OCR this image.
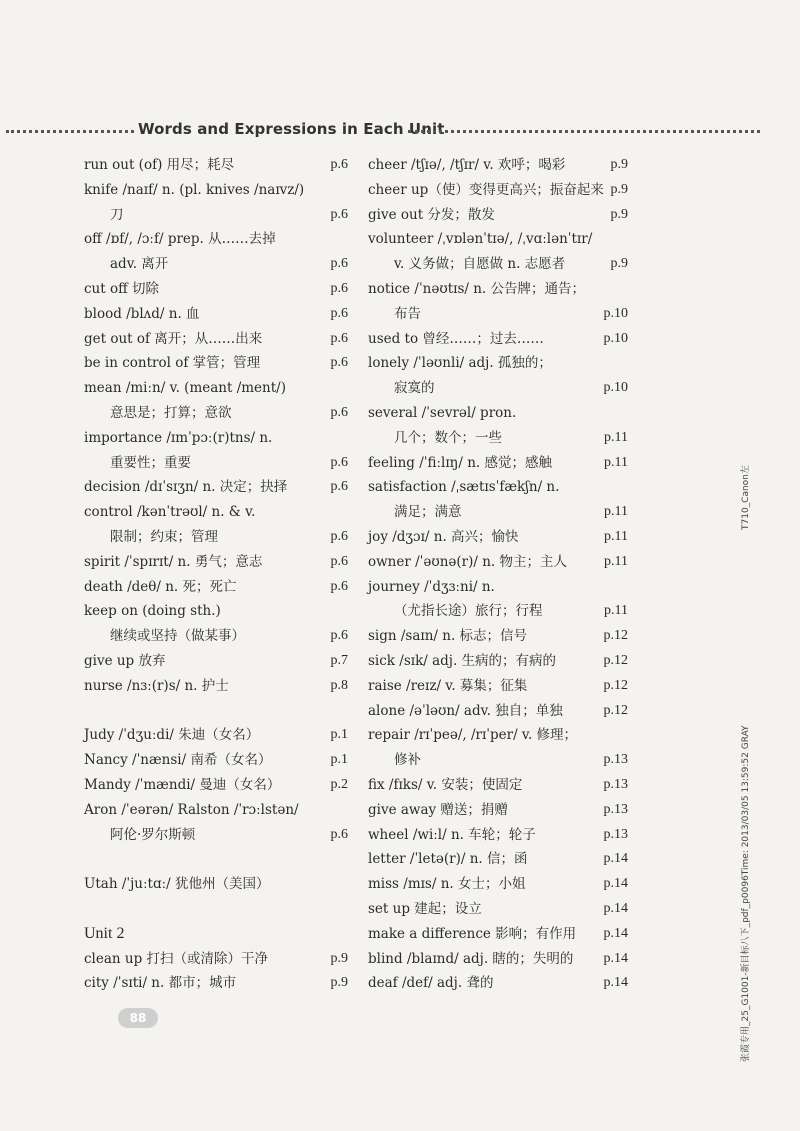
Words and Expressions in Each Unit
run out (of) 用尽；耗尽	p.6
knife /naɪf/ n. (pl. knives /naɪvz/)
刀	p.6
off /ɒf/, /ɔːf/ prep. 从……去掉
adv. 离开	p.6
cut off 切除	p.6
blood /blʌd/ n. 血	p.6
get out of 离开；从……出来	p.6
be in control of 掌管；管理	p.6
mean /miːn/ v. (meant /ment/)
意思是；打算；意欲	p.6
importance /ɪmˈpɔː(r)tns/ n.
重要性；重要	p.6
decision /dɪˈsɪʒn/ n. 决定；抉择	p.6
control /kənˈtrəʊl/ n. & v.
限制；约束；管理	p.6
spirit /ˈspɪrɪt/ n. 勇气；意志	p.6
death /deθ/ n. 死；死亡	p.6
keep on (doing sth.)
继续或坚持（做某事）	p.6
give up 放弃	p.7
nurse /nɜː(r)s/ n. 护士	p.8
Judy /ˈdʒuːdi/ 朱迪（女名）	p.1
Nancy /ˈnænsi/ 南希（女名）	p.1
Mandy /ˈmændi/ 曼迪（女名）	p.2
Aron /ˈeərən/ Ralston /ˈrɔːlstən/
阿伦·罗尔斯顿	p.6
Utah /ˈjuːtɑː/ 犹他州（美国）
Unit 2
clean up 打扫（或清除）干净	p.9
city /ˈsɪti/ n. 都市；城市	p.9
cheer /tʃɪə/, /tʃɪr/ v. 欢呼；喝彩	p.9
cheer up（使）变得更高兴；振奋起来 p.9
give out 分发；散发	p.9
volunteer /ˌvɒlənˈtɪə/, /ˌvɑːlənˈtɪr/
v. 义务做；自愿做 n. 志愿者	p.9
notice /ˈnəʊtɪs/ n. 公告牌；通告；
布告	p.10
used to 曾经……；过去……	p.10
lonely /ˈləʊnli/ adj. 孤独的；
寂寞的	p.10
several /ˈsevrəl/ pron.
几个；数个；一些	p.11
feeling /ˈfiːlɪŋ/ n. 感觉；感触	p.11
satisfaction /ˌsætɪsˈfækʃn/ n.
满足；满意	p.11
joy /dʒɔɪ/ n. 高兴；愉快	p.11
owner /ˈəʊnə(r)/ n. 物主；主人	p.11
journey /ˈdʒɜːni/ n.
（尤指长途）旅行；行程	p.11
sign /saɪn/ n. 标志；信号	p.12
sick /sɪk/ adj. 生病的；有病的	p.12
raise /reɪz/ v. 募集；征集	p.12
alone /əˈləʊn/ adv. 独自；单独	p.12
repair /rɪˈpeə/, /rɪˈper/ v. 修理；
修补	p.13
fix /fɪks/ v. 安装；使固定	p.13
give away 赠送；捐赠	p.13
wheel /wiːl/ n. 车轮；轮子	p.13
letter /ˈletə(r)/ n. 信；函	p.14
miss /mɪs/ n. 女士；小姐	p.14
set up 建起；设立	p.14
make a difference 影响；有作用 p.14
blind /blaɪnd/ adj. 瞎的；失明的 p.14
deaf /def/ adj. 聋的	p.14
88
T710_Canon左
张霞专用_25_G1001-新目标八下_pdf_p0096Time: 2013/03/05 13:59:52 GRAY
